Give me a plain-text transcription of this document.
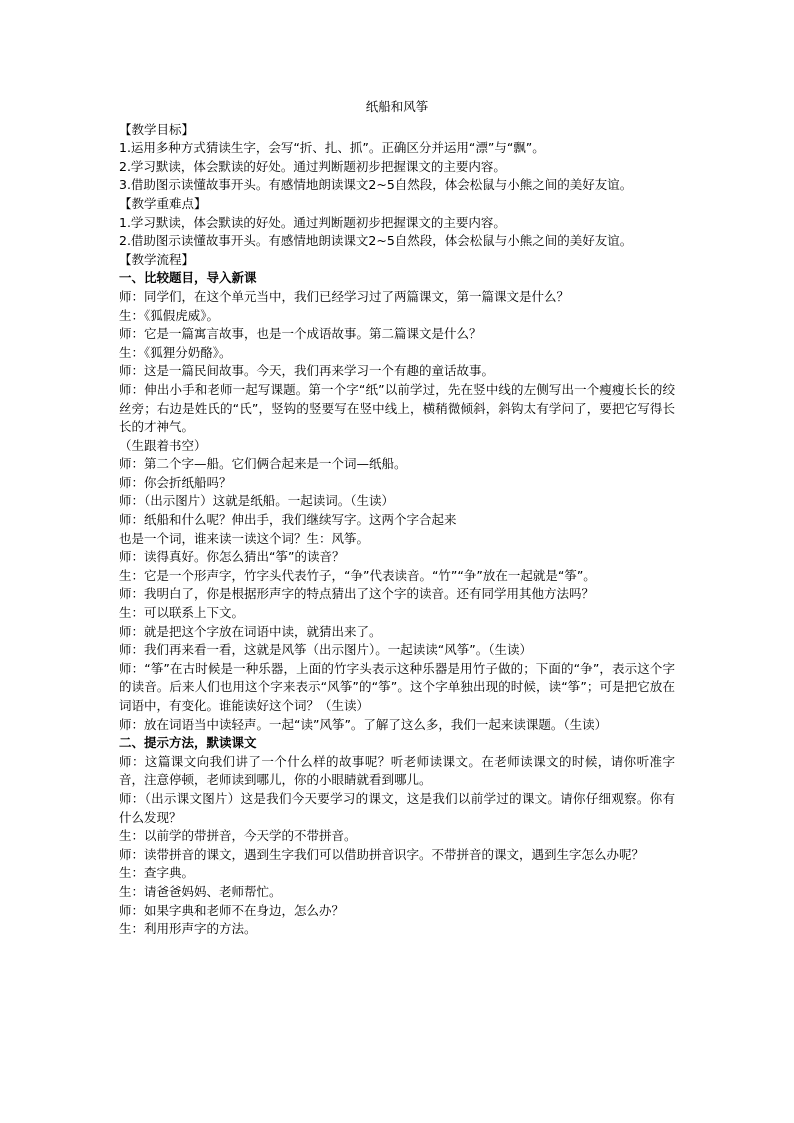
纸船和风筝

【教学目标】

1.运用多种方式猜读生字，会写“折、扎、抓”。正确区分并运用“漂”与“飘”。

2.学习默读，体会默读的好处。通过判断题初步把握课文的主要内容。

3.借助图示读懂故事开头。有感情地朗读课文2~5自然段，体会松鼠与小熊之间的美好友谊。

【教学重难点】

1.学习默读，体会默读的好处。通过判断题初步把握课文的主要内容。

2.借助图示读懂故事开头。有感情地朗读课文2~5自然段，体会松鼠与小熊之间的美好友谊。

【教学流程】

一、比较题目，导入新课

师：同学们，在这个单元当中，我们已经学习过了两篇课文，第一篇课文是什么？

生：《狐假虎威》。

师：它是一篇寓言故事，也是一个成语故事。第二篇课文是什么？

生：《狐狸分奶酪》。

师：这是一篇民间故事。今天，我们再来学习一个有趣的童话故事。

师：伸出小手和老师一起写课题。第一个字“纸”以前学过，先在竖中线的左侧写出一个瘦瘦长长的绞丝旁；右边是姓氏的“氏”，竖钩的竖要写在竖中线上，横稍微倾斜，斜钩太有学问了，要把它写得长长的才神气。

（生跟着书空）

师：第二个字—船。它们俩合起来是一个词—纸船。

师：你会折纸船吗？

师：（出示图片）这就是纸船。一起读词。（生读）

师：纸船和什么呢？伸出手，我们继续写字。这两个字合起来

也是一个词，谁来读一读这个词？生：风筝。

师：读得真好。你怎么猜出“筝”的读音？

生：它是一个形声字，竹字头代表竹子，“争”代表读音。“竹”“争”放在一起就是“筝”。

师：我明白了，你是根据形声字的特点猜出了这个字的读音。还有同学用其他方法吗？

生：可以联系上下文。

师：就是把这个字放在词语中读，就猜出来了。

师：我们再来看一看，这就是风筝（出示图片）。一起读读“风筝”。（生读）

师：“筝”在古时候是一种乐器，上面的竹字头表示这种乐器是用竹子做的；下面的“争”，表示这个字的读音。后来人们也用这个字来表示“风筝”的“筝”。这个字单独出现的时候，读“筝”；可是把它放在词语中，有变化。谁能读好这个词？（生读）

师：放在词语当中读轻声。一起“读”风筝”。了解了这么多，我们一起来读课题。（生读）

二、提示方法，默读课文

师：这篇课文向我们讲了一个什么样的故事呢？听老师读课文。在老师读课文的时候，请你听准字音，注意停顿，老师读到哪儿，你的小眼睛就看到哪儿。

师：（出示课文图片）这是我们今天要学习的课文，这是我们以前学过的课文。请你仔细观察。你有什么发现？

生：以前学的带拼音，今天学的不带拼音。

师：读带拼音的课文，遇到生字我们可以借助拼音识字。不带拼音的课文，遇到生字怎么办呢？

生：查字典。

生：请爸爸妈妈、老师帮忙。

师：如果字典和老师不在身边，怎么办？

生：利用形声字的方法。
